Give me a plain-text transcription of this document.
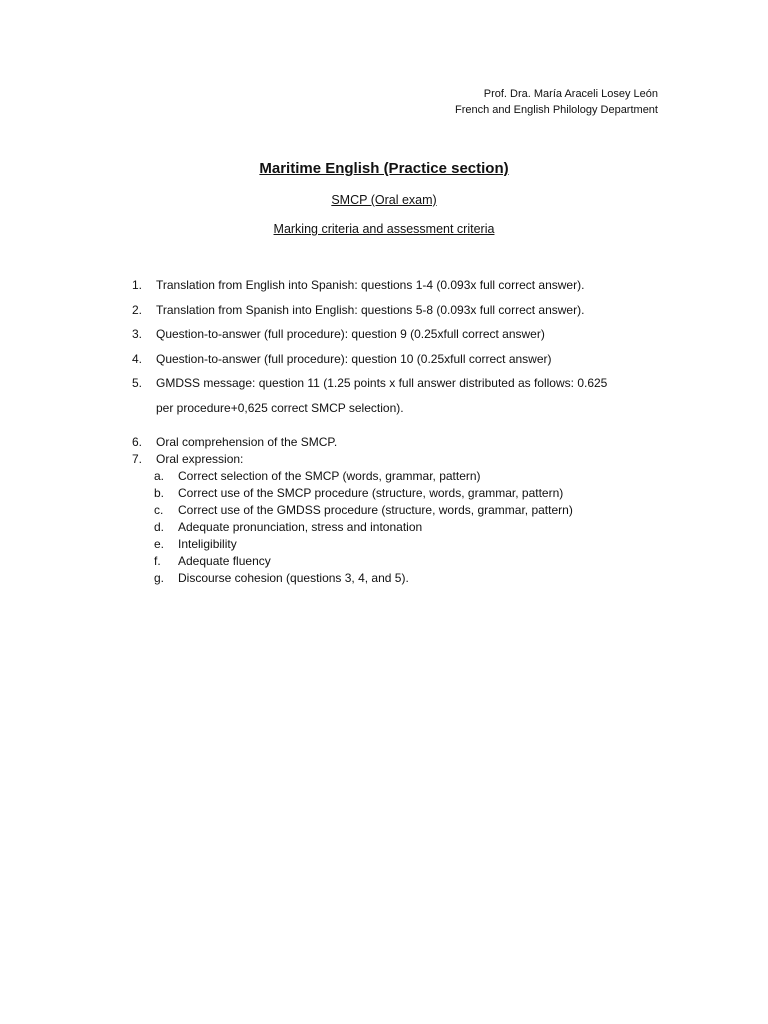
Prof. Dra. María Araceli Losey León
French and English Philology Department
Maritime English (Practice section)
SMCP (Oral exam)
Marking criteria and assessment criteria
1. Translation from English into Spanish: questions 1-4 (0.093x full correct answer).
2. Translation from Spanish into English: questions 5-8 (0.093x full correct answer).
3. Question-to-answer (full procedure): question 9 (0.25xfull correct answer)
4. Question-to-answer (full procedure): question 10 (0.25xfull correct answer)
5. GMDSS message: question 11 (1.25 points x full answer distributed as follows: 0.625
per procedure+0,625 correct SMCP selection).
6. Oral comprehension of the SMCP.
7. Oral expression:
a. Correct selection of the SMCP (words, grammar, pattern)
b. Correct use of the SMCP procedure (structure, words, grammar, pattern)
c. Correct use of the GMDSS procedure (structure, words, grammar, pattern)
d. Adequate pronunciation, stress and intonation
e. Inteligibility
f. Adequate fluency
g. Discourse cohesion (questions 3, 4, and 5).
